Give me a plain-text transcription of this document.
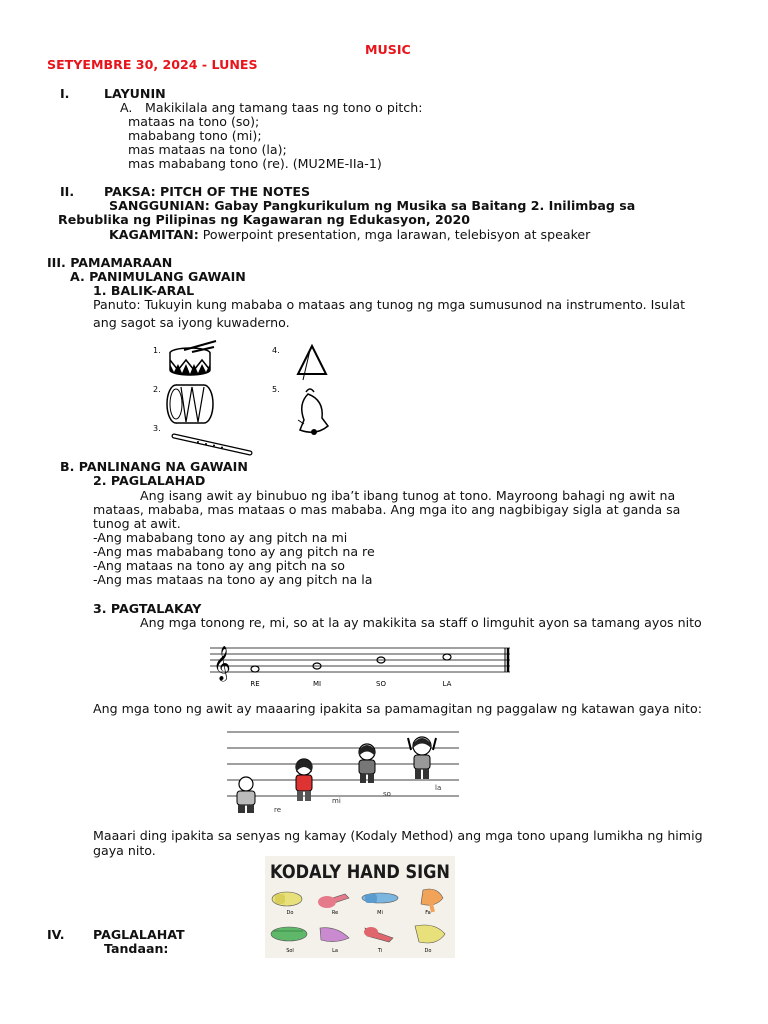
MUSIC
SETYEMBRE 30, 2024 - LUNES
I.	LAYUNIN
A. Makikilala ang tamang taas ng tono o pitch:
mataas na tono (so);
mababang tono (mi);
mas mataas na tono (la);
mas mababang tono (re). (MU2ME-IIa-1)
II. PAKSA: PITCH OF THE NOTES
SANGGUNIAN: Gabay Pangkurikulum ng Musika sa Baitang 2. Inilimbag sa
Rebublika ng Pilipinas ng Kagawaran ng Edukasyon, 2020
KAGAMITAN: Powerpoint presentation, mga larawan, telebisyon at speaker
III. PAMAMARAAN
A. PANIMULANG GAWAIN
1. BALIK-ARAL
Panuto: Tukuyin kung mababa o mataas ang tunog ng mga sumusunod na instrumento. Isulat
ang sagot sa iyong kuwaderno.
1.
2.
3.
4.
5.
B. PANLINANG NA GAWAIN
2. PAGLALAHAD
Ang isang awit ay binubuo ng iba’t ibang tunog at tono. Mayroong bahagi ng awit na
mataas, mababa, mas mataas o mas mababa. Ang mga ito ang nagbibigay sigla at ganda sa
tunog at awit.
-Ang mababang tono ay ang pitch na mi
-Ang mas mababang tono ay ang pitch na re
-Ang mataas na tono ay ang pitch na so
-Ang mas mataas na tono ay ang pitch na la
3. PAGTALAKAY
Ang mga tonong re, mi, so at la ay makikita sa staff o limguhit ayon sa tamang ayos nito
𝄞
RE	MI	SO	LA
Ang mga tono ng awit ay maaaring ipakita sa pamamagitan ng paggalaw ng katawan gaya nito:
re
mi
so
la
Maaari ding ipakita sa senyas ng kamay (Kodaly Method) ang mga tono upang lumikha ng himig
gaya nito.
KODALY HAND SIGN
Do	Re	Mi	Fa
Sol	La	Ti	Do
IV. PAGLALAHAT
Tandaan:
